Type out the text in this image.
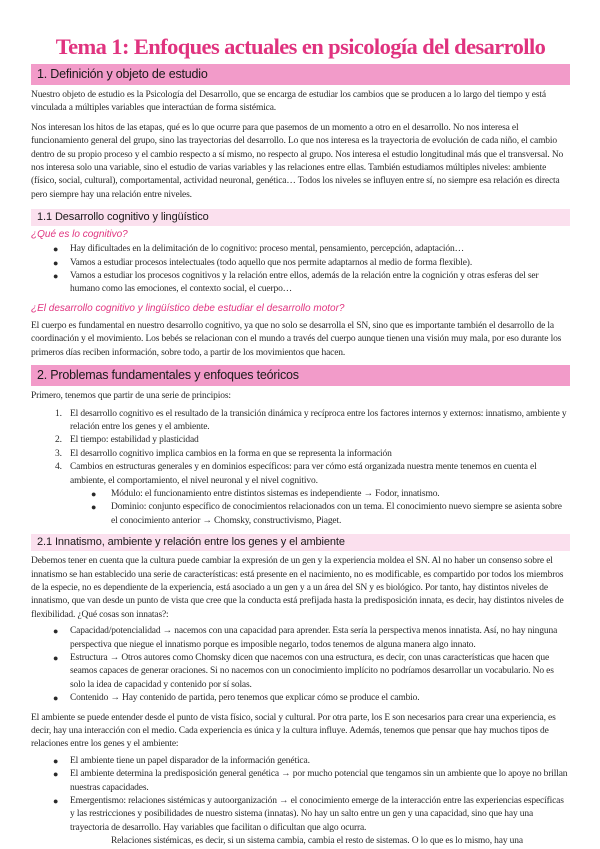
Tema 1: Enfoques actuales en psicología del desarrollo
1. Definición y objeto de estudio

Nuestro objeto de estudio es la Psicología del Desarrollo, que se encarga de estudiar los cambios que se producen a lo largo del tiempo y está vinculada a múltiples variables que interactúan de forma sistémica.

Nos interesan los hitos de las etapas, qué es lo que ocurre para que pasemos de un momento a otro en el desarrollo. No nos interesa el funcionamiento general del grupo, sino las trayectorias del desarrollo. Lo que nos interesa es la trayectoria de evolución de cada niño, el cambio dentro de su propio proceso y el cambio respecto a sí mismo, no respecto al grupo. Nos interesa el estudio longitudinal más que el transversal. No nos interesa solo una variable, sino el estudio de varias variables y las relaciones entre ellas. También estudiamos múltiples niveles: ambiente (físico, social, cultural), comportamental, actividad neuronal, genética… Todos los niveles se influyen entre sí, no siempre esa relación es directa pero siempre hay una relación entre niveles.

1.1 Desarrollo cognitivo y lingüístico
¿Qué es lo cognitivo?
● Hay dificultades en la delimitación de lo cognitivo: proceso mental, pensamiento, percepción, adaptación…
● Vamos a estudiar procesos intelectuales (todo aquello que nos permite adaptarnos al medio de forma flexible).
● Vamos a estudiar los procesos cognitivos y la relación entre ellos, además de la relación entre la cognición y otras esferas del ser humano como las emociones, el contexto social, el cuerpo…
¿El desarrollo cognitivo y lingüístico debe estudiar el desarrollo motor?

El cuerpo es fundamental en nuestro desarrollo cognitivo, ya que no solo se desarrolla el SN, sino que es importante también el desarrollo de la coordinación y el movimiento. Los bebés se relacionan con el mundo a través del cuerpo aunque tienen una visión muy mala, por eso durante los primeros días reciben información, sobre todo, a partir de los movimientos que hacen.

2. Problemas fundamentales y enfoques teóricos

Primero, tenemos que partir de una serie de principios:

1. El desarrollo cognitivo es el resultado de la transición dinámica y recíproca entre los factores internos y externos: innatismo, ambiente y relación entre los genes y el ambiente.
2. El tiempo: estabilidad y plasticidad
3. El desarrollo cognitivo implica cambios en la forma en que se representa la información
4. Cambios en estructuras generales y en dominios específicos: para ver cómo está organizada nuestra mente tenemos en cuenta el ambiente, el comportamiento, el nivel neuronal y el nivel cognitivo.
● Módulo: el funcionamiento entre distintos sistemas es independiente → Fodor, innatismo.
● Dominio: conjunto específico de conocimientos relacionados con un tema. El conocimiento nuevo siempre se asienta sobre el conocimiento anterior → Chomsky, constructivismo, Piaget.
2.1 Innatismo, ambiente y relación entre los genes y el ambiente

Debemos tener en cuenta que la cultura puede cambiar la expresión de un gen y la experiencia moldea el SN. Al no haber un consenso sobre el innatismo se han establecido una serie de características: está presente en el nacimiento, no es modificable, es compartido por todos los miembros de la especie, no es dependiente de la experiencia, está asociado a un gen y a un área del SN y es biológico. Por tanto, hay distintos niveles de innatismo, que van desde un punto de vista que cree que la conducta está prefijada hasta la predisposición innata, es decir, hay distintos niveles de flexibilidad. ¿Qué cosas son innatas?:

● Capacidad/potencialidad → nacemos con una capacidad para aprender. Esta sería la perspectiva menos innatista. Así, no hay ninguna perspectiva que niegue el innatismo porque es imposible negarlo, todos tenemos de alguna manera algo innato.
● Estructura → Otros autores como Chomsky dicen que nacemos con una estructura, es decir, con unas características que hacen que seamos capaces de generar oraciones. Si no nacemos con un conocimiento implícito no podríamos desarrollar un vocabulario. No es solo la idea de capacidad y contenido por sí solas.
● Contenido → Hay contenido de partida, pero tenemos que explicar cómo se produce el cambio.

El ambiente se puede entender desde el punto de vista físico, social y cultural. Por otra parte, los E son necesarios para crear una experiencia, es decir, hay una interacción con el medio. Cada experiencia es única y la cultura influye. Además, tenemos que pensar que hay muchos tipos de relaciones entre los genes y el ambiente:

● El ambiente tiene un papel disparador de la información genética.
● El ambiente determina la predisposición general genética → por mucho potencial que tengamos sin un ambiente que lo apoye no brillan nuestras capacidades.
● Emergentismo: relaciones sistémicas y autoorganización → el conocimiento emerge de la interacción entre las experiencias específicas y las restricciones y posibilidades de nuestro sistema (innatas). No hay un salto entre un gen y una capacidad, sino que hay una trayectoria de desarrollo. Hay variables que facilitan o dificultan que algo ocurra.

Relaciones sistémicas, es decir, si un sistema cambia, cambia el resto de sistemas. O lo que es lo mismo, hay una
